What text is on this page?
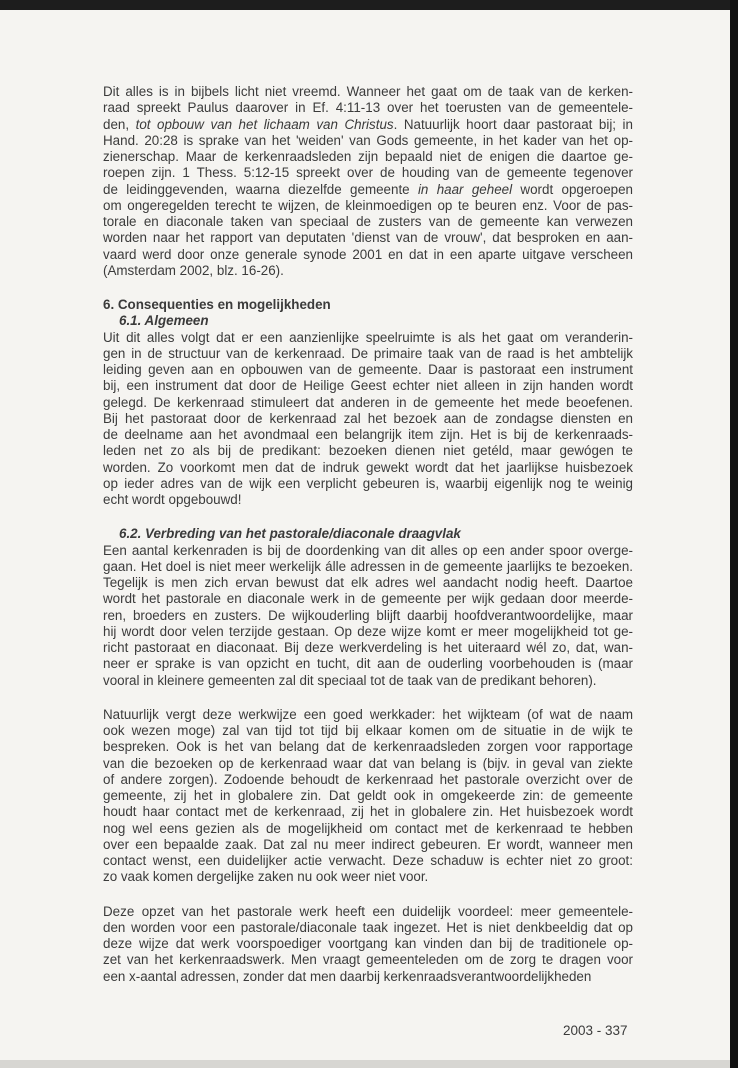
Dit alles is in bijbels licht niet vreemd. Wanneer het gaat om de taak van de kerken-
raad spreekt Paulus daarover in Ef. 4:11-13 over het toerusten van de gemeentele-
den, tot opbouw van het lichaam van Christus. Natuurlijk hoort daar pastoraat bij; in
Hand. 20:28 is sprake van het 'weiden' van Gods gemeente, in het kader van het op-
zienerschap. Maar de kerkenraadsleden zijn bepaald niet de enigen die daartoe ge-
roepen zijn. 1 Thess. 5:12-15 spreekt over de houding van de gemeente tegenover
de leidinggevenden, waarna diezelfde gemeente in haar geheel wordt opgeroepen
om ongeregelden terecht te wijzen, de kleinmoedigen op te beuren enz. Voor de pas-
torale en diaconale taken van speciaal de zusters van de gemeente kan verwezen
worden naar het rapport van deputaten 'dienst van de vrouw', dat besproken en aan-
vaard werd door onze generale synode 2001 en dat in een aparte uitgave verscheen
(Amsterdam 2002, blz. 16-26).

6. Consequenties en mogelijkheden

6.1. Algemeen

Uit dit alles volgt dat er een aanzienlijke speelruimte is als het gaat om veranderin-
gen in de structuur van de kerkenraad. De primaire taak van de raad is het ambtelijk
leiding geven aan en opbouwen van de gemeente. Daar is pastoraat een instrument
bij, een instrument dat door de Heilige Geest echter niet alleen in zijn handen wordt
gelegd. De kerkenraad stimuleert dat anderen in de gemeente het mede beoefenen.
Bij het pastoraat door de kerkenraad zal het bezoek aan de zondagse diensten en
de deelname aan het avondmaal een belangrijk item zijn. Het is bij de kerkenraads-
leden net zo als bij de predikant: bezoeken dienen niet getéld, maar gewógen te
worden. Zo voorkomt men dat de indruk gewekt wordt dat het jaarlijkse huisbezoek
op ieder adres van de wijk een verplicht gebeuren is, waarbij eigenlijk nog te weinig
echt wordt opgebouwd!

6.2. Verbreding van het pastorale/diaconale draagvlak

Een aantal kerkenraden is bij de doordenking van dit alles op een ander spoor overge-
gaan. Het doel is niet meer werkelijk álle adressen in de gemeente jaarlijks te bezoeken.
Tegelijk is men zich ervan bewust dat elk adres wel aandacht nodig heeft. Daartoe
wordt het pastorale en diaconale werk in de gemeente per wijk gedaan door meerde-
ren, broeders en zusters. De wijkouderling blijft daarbij hoofdverantwoordelijke, maar
hij wordt door velen terzijde gestaan. Op deze wijze komt er meer mogelijkheid tot ge-
richt pastoraat en diaconaat. Bij deze werkverdeling is het uiteraard wél zo, dat, wan-
neer er sprake is van opzicht en tucht, dit aan de ouderling voorbehouden is (maar
vooral in kleinere gemeenten zal dit speciaal tot de taak van de predikant behoren).
Natuurlijk vergt deze werkwijze een goed werkkader: het wijkteam (of wat de naam
ook wezen moge) zal van tijd tot tijd bij elkaar komen om de situatie in de wijk te
bespreken. Ook is het van belang dat de kerkenraadsleden zorgen voor rapportage
van die bezoeken op de kerkenraad waar dat van belang is (bijv. in geval van ziekte
of andere zorgen). Zodoende behoudt de kerkenraad het pastorale overzicht over de
gemeente, zij het in globalere zin. Dat geldt ook in omgekeerde zin: de gemeente
houdt haar contact met de kerkenraad, zij het in globalere zin. Het huisbezoek wordt
nog wel eens gezien als de mogelijkheid om contact met de kerkenraad te hebben
over een bepaalde zaak. Dat zal nu meer indirect gebeuren. Er wordt, wanneer men
contact wenst, een duidelijker actie verwacht. Deze schaduw is echter niet zo groot:
zo vaak komen dergelijke zaken nu ook weer niet voor.
Deze opzet van het pastorale werk heeft een duidelijk voordeel: meer gemeentele-
den worden voor een pastorale/diaconale taak ingezet. Het is niet denkbeeldig dat op
deze wijze dat werk voorspoediger voortgang kan vinden dan bij de traditionele op-
zet van het kerkenraadswerk. Men vraagt gemeenteleden om de zorg te dragen voor
een x-aantal adressen, zonder dat men daarbij kerkenraadsverantwoordelijkheden
2003 - 337
